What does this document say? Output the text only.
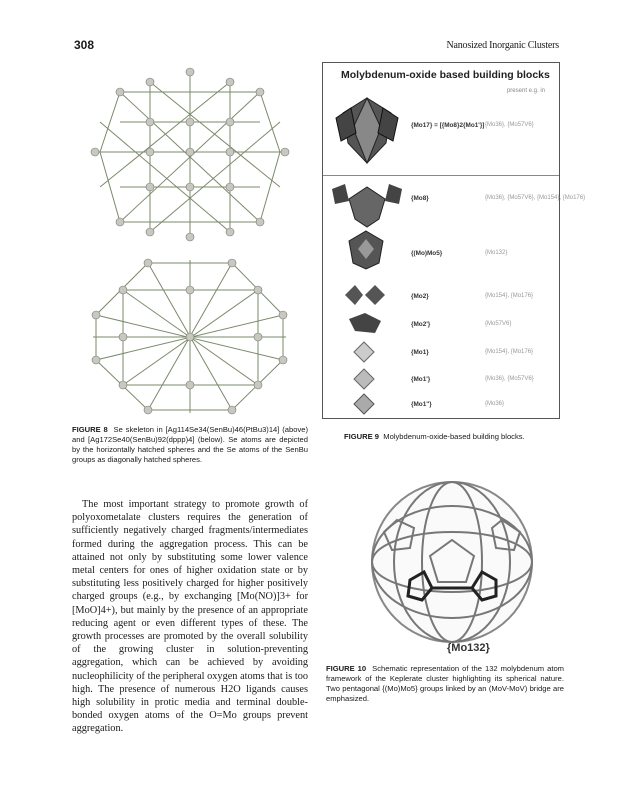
308	Nanosized Inorganic Clusters
FIGURE 8 Se skeleton in [Ag114Se34(SenBu)46(PtBu3)14] (above) and [Ag172Se40(SenBu)92(dppp)4] (below). Se atoms are depicted by the horizontally hatched spheres and the Se atoms of the SenBu groups as diagonally hatched spheres.
Molybdenum-oxide based building blocks
present e.g. in
{Mo17} = [{Mo8}2{Mo1'}] {Mo36}, {Mo57V6}
{Mo8}	{Mo36}, {Mo57V6}, {Mo154}, {Mo176}
{(Mo)Mo5}	{Mo132}
{Mo2}	{Mo154}, {Mo176}
{Mo2'}	{Mo57V6}
{Mo1}	{Mo154}, {Mo176}
{Mo1'}	{Mo36}, {Mo57V6}
{Mo1"}	{Mo36}
FIGURE 9 Molybdenum-oxide-based building blocks.

The most important strategy to promote growth of polyoxometalate clusters requires the generation of sufficiently negatively charged fragments/intermediates formed during the aggregation process. This can be attained not only by substituting some lower valence metal centers for ones of higher oxidation state or by substituting less positively charged for higher positively charged groups (e.g., by exchanging [Mo(NO)]3+ for [MoO]4+), but mainly by the presence of an appropriate reducing agent or even different types of these. The growth processes are promoted by the overall solubility of the growing cluster in solution-preventing aggregation, which can be achieved by avoiding nucleophilicity of the peripheral oxygen atoms that is too high. The presence of numerous H2O ligands causes high solubility in protic media and terminal double-bonded oxygen atoms of the O=Mo groups prevent aggregation.

{Mo132}
FIGURE 10 Schematic representation of the 132 molybdenum atom framework of the Keplerate cluster highlighting its spherical nature. Two pentagonal {(Mo)Mo5} groups linked by an (MoV-MoV) bridge are emphasized.
